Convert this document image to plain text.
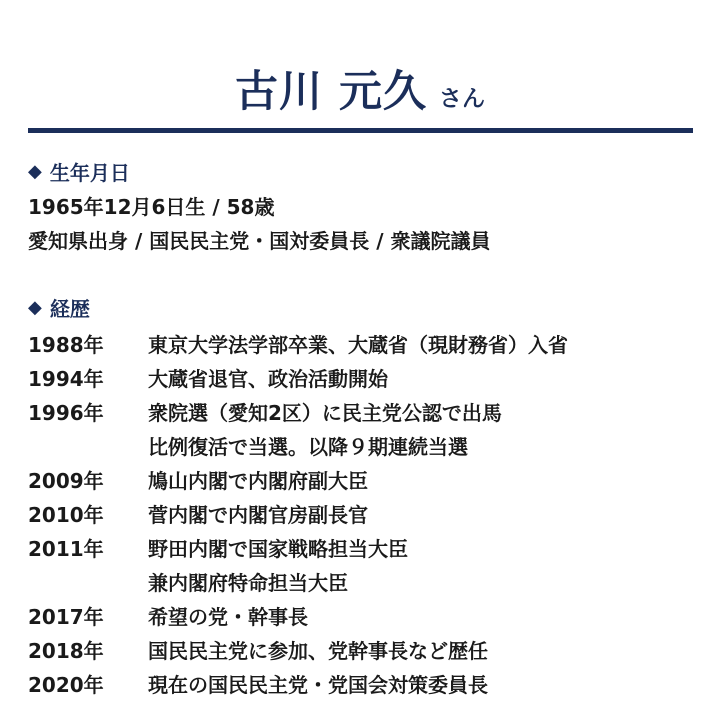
古川 元久 さん
◆ 生年月日
1965年12月6日生 / 58歳
愛知県出身 / 国民民主党・国対委員長 / 衆議院議員
◆ 経歴
1988年	東京大学法学部卒業、大蔵省（現財務省）入省
1994年	大蔵省退官、政治活動開始
1996年	衆院選（愛知2区）に民主党公認で出馬
比例復活で当選。以降９期連続当選
2009年	鳩山内閣で内閣府副大臣
2010年	菅内閣で内閣官房副長官
2011年	野田内閣で国家戦略担当大臣
兼内閣府特命担当大臣
2017年	希望の党・幹事長
2018年	国民民主党に参加、党幹事長など歴任
2020年	現在の国民民主党・党国会対策委員長
